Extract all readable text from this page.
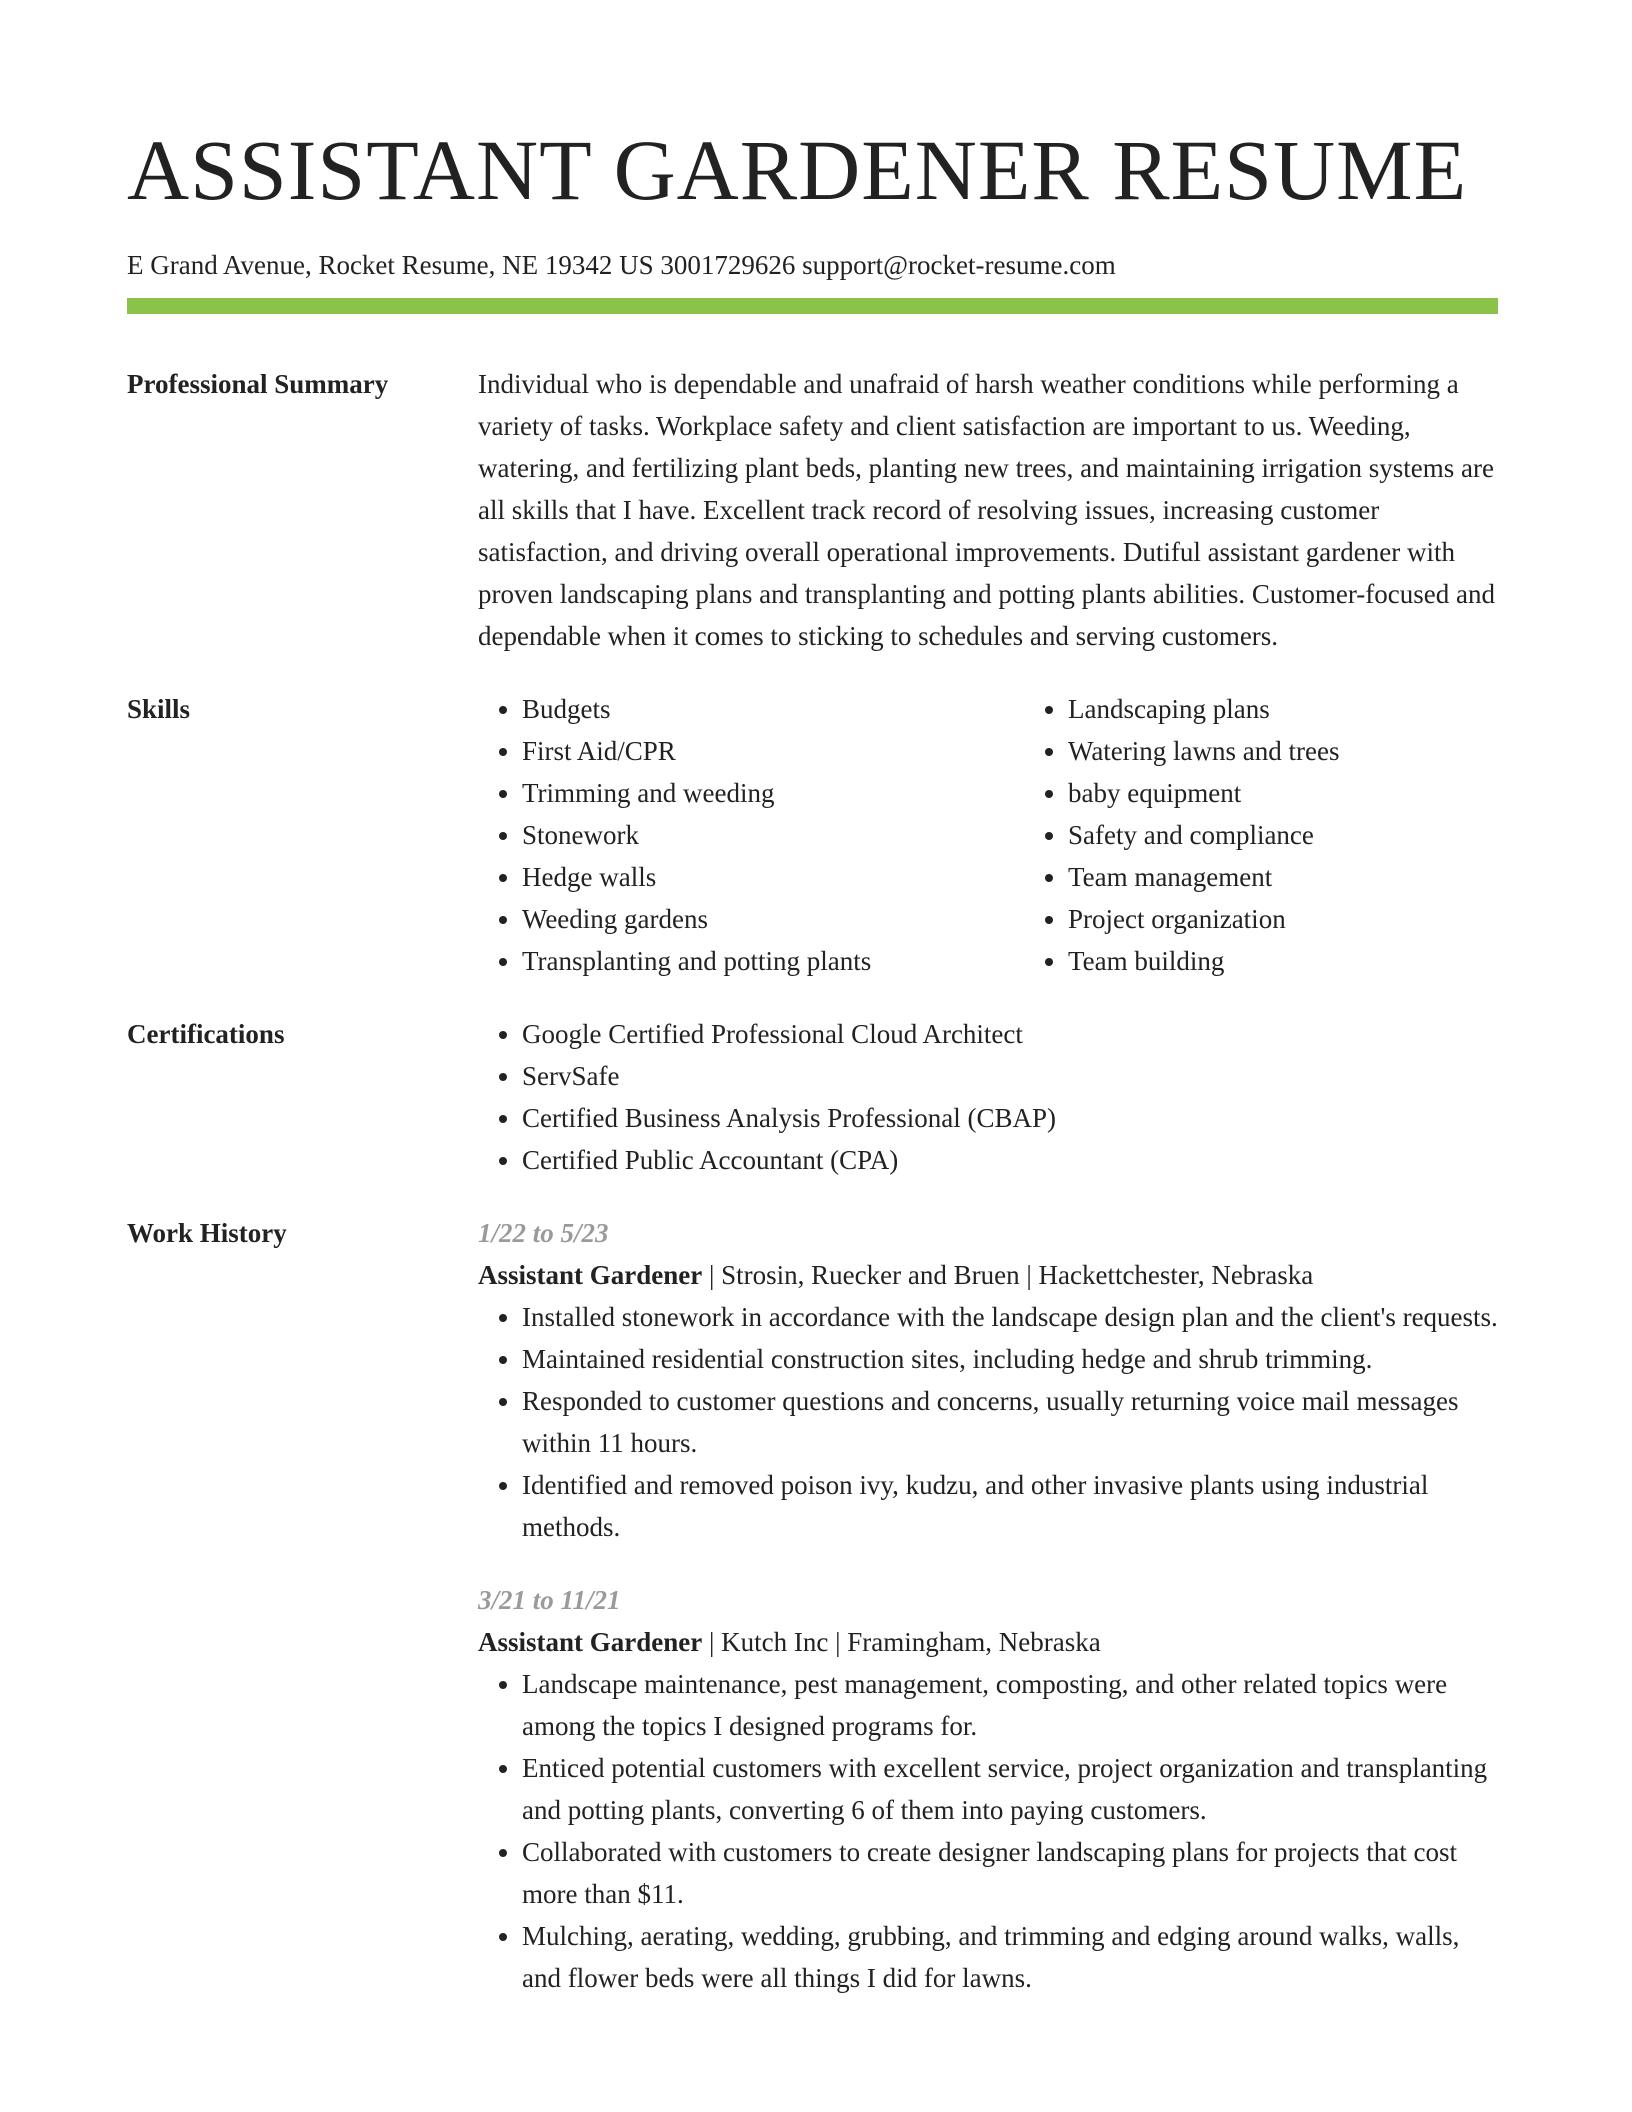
ASSISTANT GARDENER RESUME
E Grand Avenue, Rocket Resume, NE 19342 US 3001729626 support@rocket-resume.com
Professional Summary	Individual who is dependable and unafraid of harsh weather conditions while performing a variety of tasks. Workplace safety and client satisfaction are important to us. Weeding, watering, and fertilizing plant beds, planting new trees, and maintaining irrigation systems are all skills that I have. Excellent track record of resolving issues, increasing customer satisfaction, and driving overall operational improvements. Dutiful assistant gardener with proven landscaping plans and transplanting and potting plants abilities. Customer-focused and dependable when it comes to sticking to schedules and serving customers.
Skills	• Budgets
• First Aid/CPR
• Trimming and weeding
• Stonework
• Hedge walls
• Weeding gardens
• Transplanting and potting plants
• Landscaping plans
• Watering lawns and trees
• baby equipment
• Safety and compliance
• Team management
• Project organization
• Team building
Certifications	• Google Certified Professional Cloud Architect
• ServSafe
• Certified Business Analysis Professional (CBAP)
• Certified Public Accountant (CPA)
Work History	1/22 to 5/23
Assistant Gardener | Strosin, Ruecker and Bruen | Hackettchester, Nebraska
• Installed stonework in accordance with the landscape design plan and the client's requests.
• Maintained residential construction sites, including hedge and shrub trimming.
• Responded to customer questions and concerns, usually returning voice mail messages within 11 hours.
• Identified and removed poison ivy, kudzu, and other invasive plants using industrial methods.
3/21 to 11/21
Assistant Gardener | Kutch Inc | Framingham, Nebraska
• Landscape maintenance, pest management, composting, and other related topics were among the topics I designed programs for.
• Enticed potential customers with excellent service, project organization and transplanting and potting plants, converting 6 of them into paying customers.
• Collaborated with customers to create designer landscaping plans for projects that cost more than $11.
• Mulching, aerating, wedding, grubbing, and trimming and edging around walks, walls, and flower beds were all things I did for lawns.
